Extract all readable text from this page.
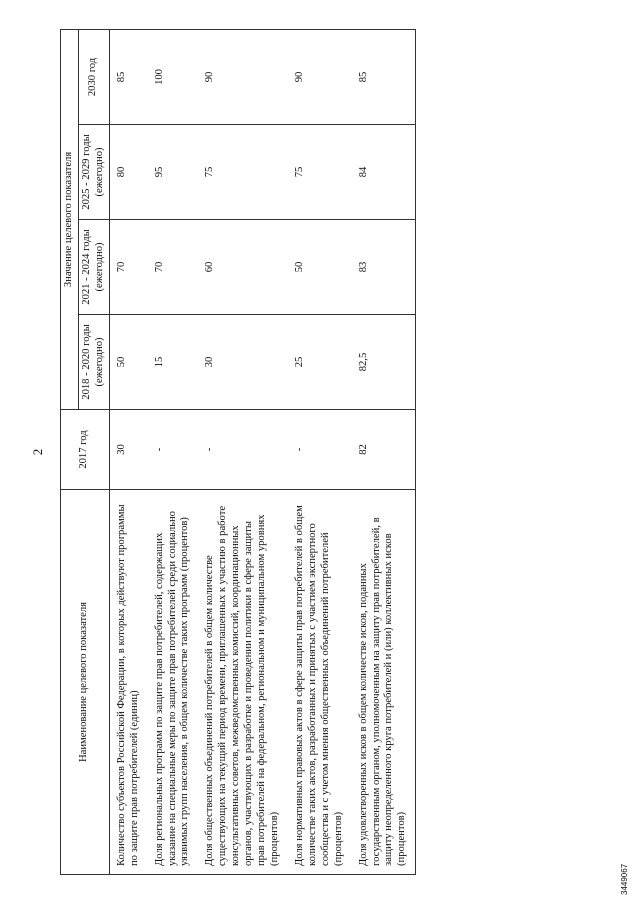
2
Наименование целевого показателя	2017 год	Значение целевого показателя			
		2018 - 2020 годы (ежегодно)	2021 - 2024 годы (ежегодно)	2025 - 2029 годы (ежегодно)	2030 год
Количество субъектов Российской Федерации, в которых действуют программы по защите прав потребителей (единиц)	30	50	70	80	85
Доля региональных программ по защите прав потребителей, содержащих указание на специальные меры по защите прав потребителей среди социально уязвимых групп населения, в общем количестве таких программ (процентов)	-	15	70	95	100
Доля общественных объединений потребителей в общем количестве существующих на текущий период времени, приглашенных к участию в работе консультативных советов, межведомственных комиссий, координационных органов, участвующих в разработке и проведении политики в сфере защиты прав потребителей на федеральном, региональном и муниципальном уровнях (процентов)	-	30	60	75	90
Доля нормативных правовых актов в сфере защиты прав потребителей в общем количестве таких актов, разработанных и принятых с участием экспертного сообщества и с учетом мнения общественных объединений потребителей (процентов)	-	25	50	75	90
Доля удовлетворенных исков в общем количестве исков, поданных государственным органом, уполномоченным на защиту прав потребителей, в защиту неопределенного круга потребителей и (или) коллективных исков (процентов)	82	82,5	83	84	85
3449067
